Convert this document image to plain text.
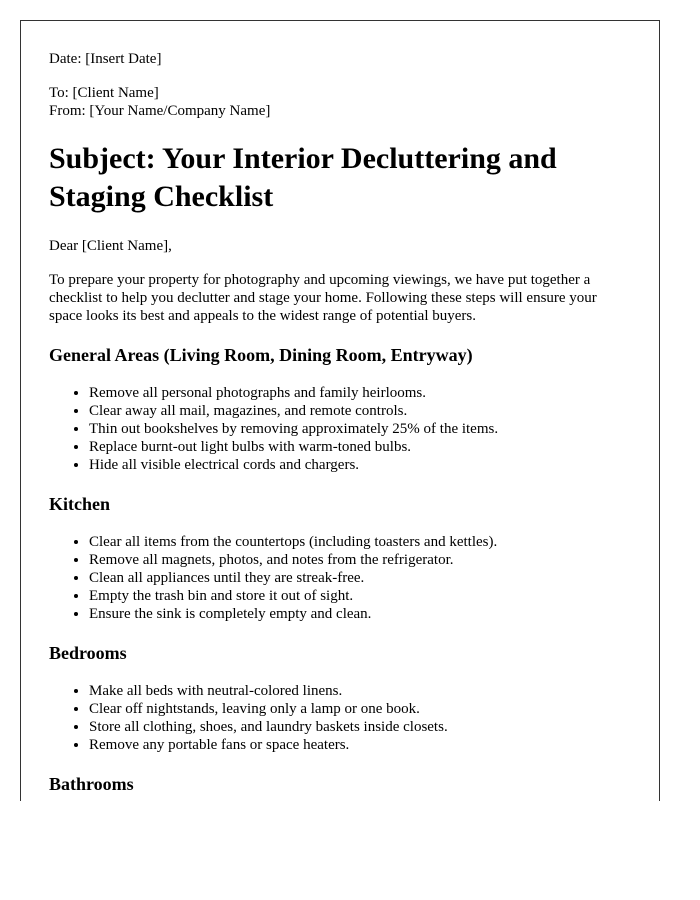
Date: [Insert Date]

To: [Client Name]

From: [Your Name/Company Name]

Subject: Your Interior Decluttering and Staging Checklist

Dear [Client Name],

To prepare your property for photography and upcoming viewings, we have put together a checklist to help you declutter and stage your home. Following these steps will ensure your space looks its best and appeals to the widest range of potential buyers.

General Areas (Living Room, Dining Room, Entryway)
• Remove all personal photographs and family heirlooms.
• Clear away all mail, magazines, and remote controls.
• Thin out bookshelves by removing approximately 25% of the items.
• Replace burnt-out light bulbs with warm-toned bulbs.
• Hide all visible electrical cords and chargers.
Kitchen
• Clear all items from the countertops (including toasters and kettles).
• Remove all magnets, photos, and notes from the refrigerator.
• Clean all appliances until they are streak-free.
• Empty the trash bin and store it out of sight.
• Ensure the sink is completely empty and clean.
Bedrooms
• Make all beds with neutral-colored linens.
• Clear off nightstands, leaving only a lamp or one book.
• Store all clothing, shoes, and laundry baskets inside closets.
• Remove any portable fans or space heaters.
Bathrooms
